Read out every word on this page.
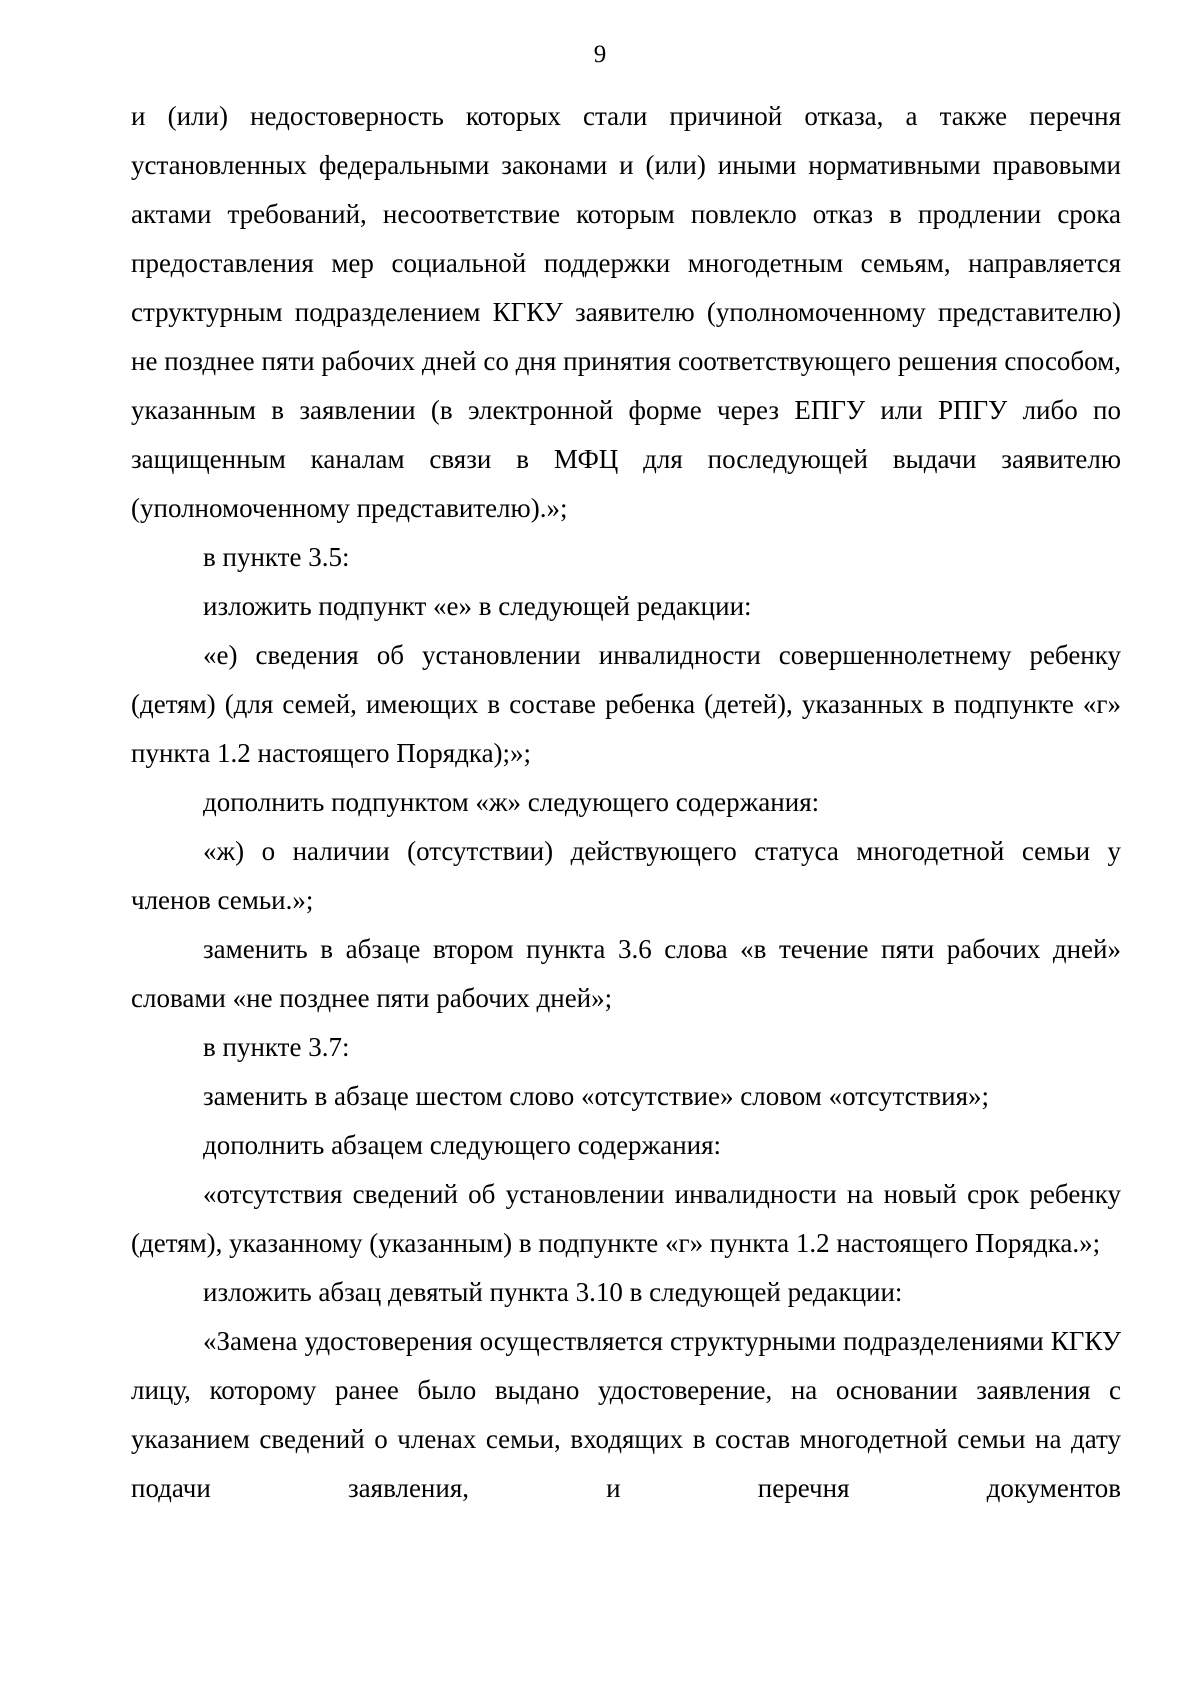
9

и (или) недостоверность которых стали причиной отказа, а также перечня установленных федеральными законами и (или) иными нормативными правовыми актами требований, несоответствие которым повлекло отказ в продлении срока предоставления мер социальной поддержки многодетным семьям, направляется структурным подразделением КГКУ заявителю (уполномоченному представителю) не позднее пяти рабочих дней со дня принятия соответствующего решения способом, указанным в заявлении (в электронной форме через ЕПГУ или РПГУ либо по защищенным каналам связи в МФЦ для последующей выдачи заявителю (уполномоченному представителю).»;

в пункте 3.5:

изложить подпункт «е» в следующей редакции:

«е) сведения об установлении инвалидности совершеннолетнему ребенку (детям) (для семей, имеющих в составе ребенка (детей), указанных в подпункте «г» пункта 1.2 настоящего Порядка);»;

дополнить подпунктом «ж» следующего содержания:

«ж) о наличии (отсутствии) действующего статуса многодетной семьи у членов семьи.»;

заменить в абзаце втором пункта 3.6 слова «в течение пяти рабочих дней» словами «не позднее пяти рабочих дней»;

в пункте 3.7:

заменить в абзаце шестом слово «отсутствие» словом «отсутствия»;

дополнить абзацем следующего содержания:

«отсутствия сведений об установлении инвалидности на новый срок ребенку (детям), указанному (указанным) в подпункте «г» пункта 1.2 настоящего Порядка.»;

изложить абзац девятый пункта 3.10 в следующей редакции:

«Замена удостоверения осуществляется структурными подразделениями КГКУ лицу, которому ранее было выдано удостоверение, на основании заявления с указанием сведений о членах семьи, входящих в состав многодетной семьи на дату подачи заявления, и перечня документов
